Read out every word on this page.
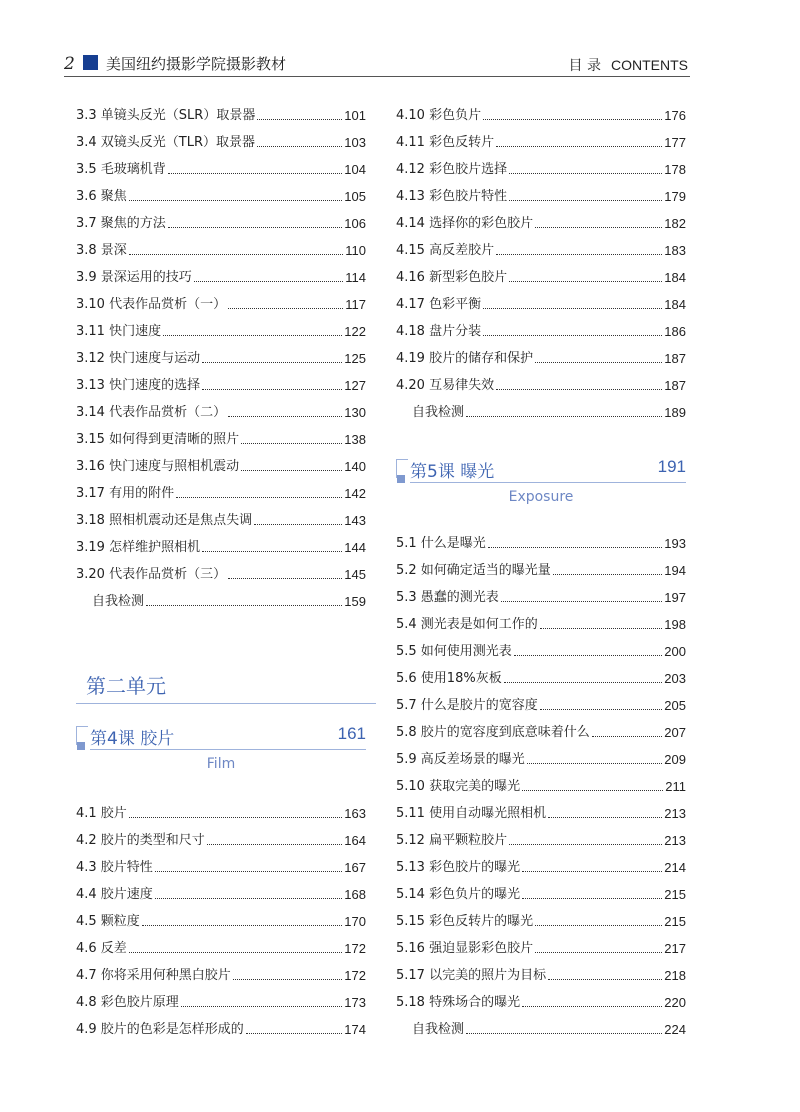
2 美国纽约摄影学院摄影教材	目 录 CONTENTS
3.3 单镜头反光（SLR）取景器	101
3.4 双镜头反光（TLR）取景器	103
3.5 毛玻璃机背	104
3.6 聚焦	105
3.7 聚焦的方法	106
3.8 景深	110
3.9 景深运用的技巧	114
3.10 代表作品赏析（一）	117
3.11 快门速度	122
3.12 快门速度与运动	125
3.13 快门速度的选择	127
3.14 代表作品赏析（二）	130
3.15 如何得到更清晰的照片	138
3.16 快门速度与照相机震动	140
3.17 有用的附件	142
3.18 照相机震动还是焦点失调	143
3.19 怎样维护照相机	144
3.20 代表作品赏析（三）	145
自我检测	159
第二单元
第4课 胶片	161
Film
4.1 胶片	163
4.2 胶片的类型和尺寸	164
4.3 胶片特性	167
4.4 胶片速度	168
4.5 颗粒度	170
4.6 反差	172
4.7 你将采用何种黑白胶片	172
4.8 彩色胶片原理	173
4.9 胶片的色彩是怎样形成的	174
4.10 彩色负片	176
4.11 彩色反转片	177
4.12 彩色胶片选择	178
4.13 彩色胶片特性	179
4.14 选择你的彩色胶片	182
4.15 高反差胶片	183
4.16 新型彩色胶片	184
4.17 色彩平衡	184
4.18 盘片分装	186
4.19 胶片的储存和保护	187
4.20 互易律失效	187
自我检测	189
第5课 曝光	191
Exposure
5.1 什么是曝光	193
5.2 如何确定适当的曝光量	194
5.3 愚蠢的测光表	197
5.4 测光表是如何工作的	198
5.5 如何使用测光表	200
5.6 使用18%灰板	203
5.7 什么是胶片的宽容度	205
5.8 胶片的宽容度到底意味着什么	207
5.9 高反差场景的曝光	209
5.10 获取完美的曝光	211
5.11 使用自动曝光照相机	213
5.12 扁平颗粒胶片	213
5.13 彩色胶片的曝光	214
5.14 彩色负片的曝光	215
5.15 彩色反转片的曝光	215
5.16 强迫显影彩色胶片	217
5.17 以完美的照片为目标	218
5.18 特殊场合的曝光	220
自我检测	224
